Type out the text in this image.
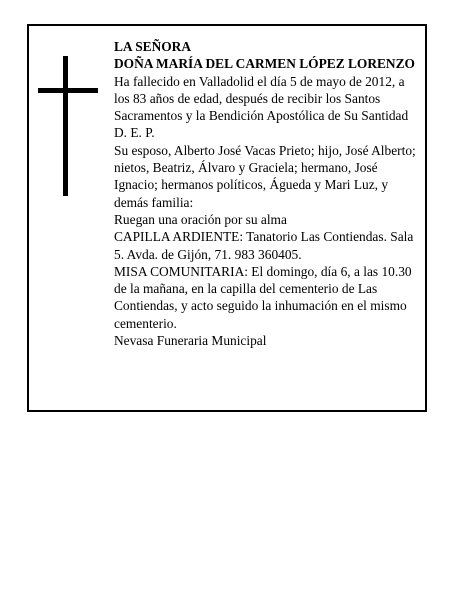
LA SEÑORA

DOÑA MARÍA DEL CARMEN LÓPEZ LORENZO

Ha fallecido en Valladolid el día 5 de mayo de 2012, a los 83 años de edad, después de recibir los Santos Sacramentos y la Bendición Apostólica de Su Santidad

D. E. P.

Su esposo, Alberto José Vacas Prieto; hijo, José Alberto; nietos, Beatriz, Álvaro y Graciela; hermano, José Ignacio; hermanos políticos, Águeda y Mari Luz, y demás familia:

Ruegan una oración por su alma

CAPILLA ARDIENTE: Tanatorio Las Contiendas. Sala 5. Avda. de Gijón, 71. 983 360405.

MISA COMUNITARIA: El domingo, día 6, a las 10.30 de la mañana, en la capilla del cementerio de Las Contiendas, y acto seguido la inhumación en el mismo cementerio.

Nevasa Funeraria Municipal
